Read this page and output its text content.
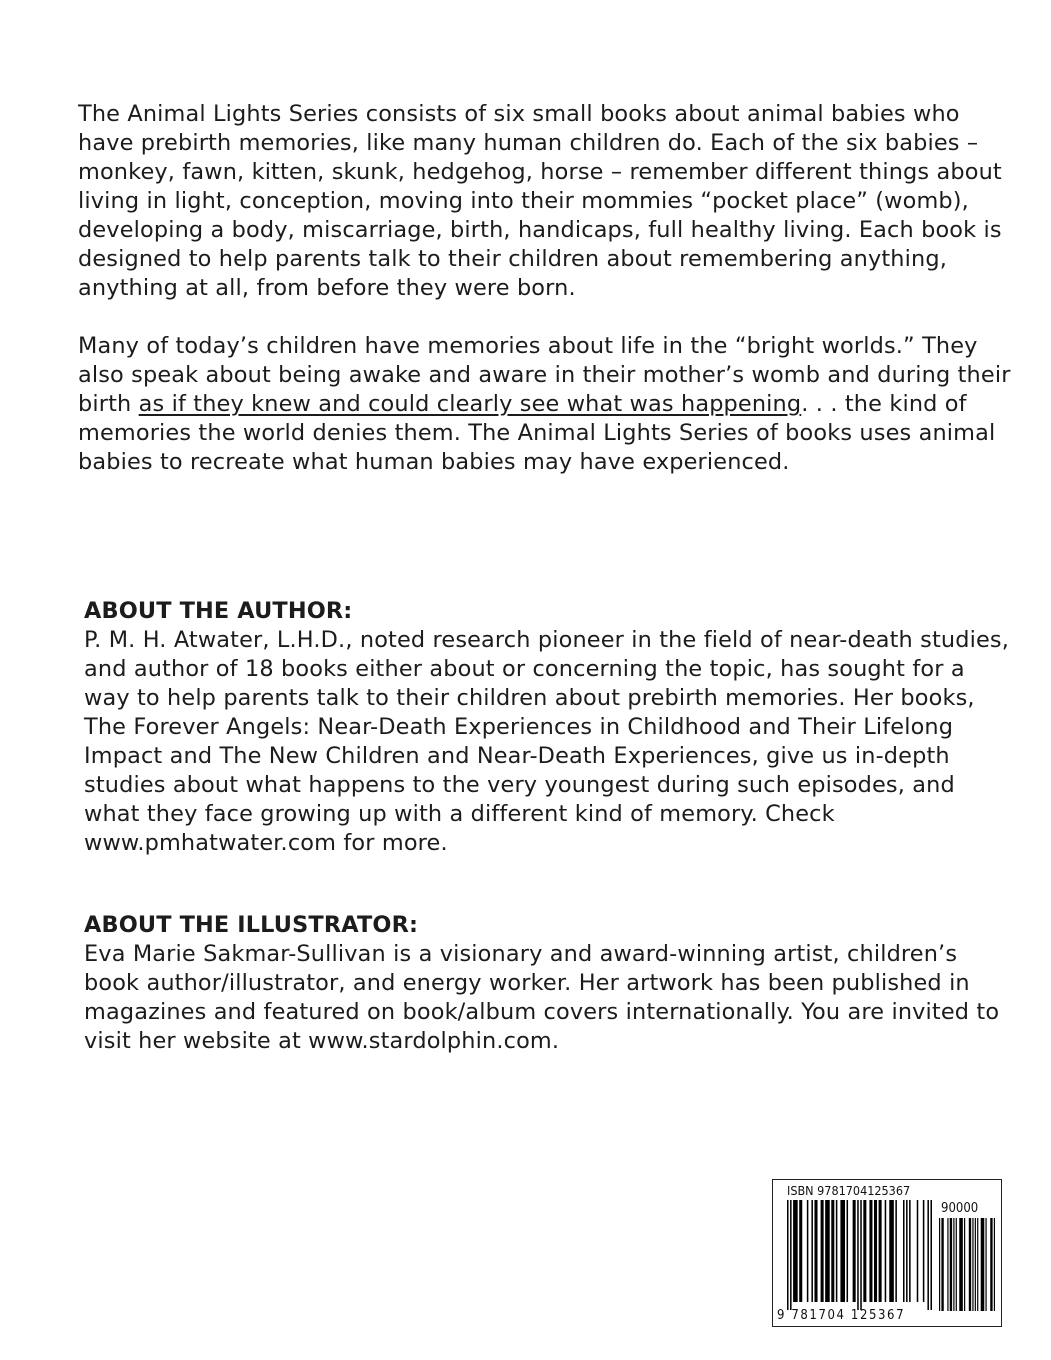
The Animal Lights Series consists of six small books about animal babies who have prebirth memories, like many human children do. Each of the six babies – monkey, fawn, kitten, skunk, hedgehog, horse – remember different things about living in light, conception, moving into their mommies “pocket place” (womb), developing a body, miscarriage, birth, handicaps, full healthy living. Each book is designed to help parents talk to their children about remembering anything, anything at all, from before they were born.

Many of today’s children have memories about life in the “bright worlds.” They also speak about being awake and aware in their mother’s womb and during their birth as if they knew and could clearly see what was happening. . . the kind of memories the world denies them. The Animal Lights Series of books uses animal babies to recreate what human babies may have experienced.

ABOUT THE AUTHOR:

P. M. H. Atwater, L.H.D., noted research pioneer in the field of near-death studies, and author of 18 books either about or concerning the topic, has sought for a way to help parents talk to their children about prebirth memories. Her books, The Forever Angels: Near-Death Experiences in Childhood and Their Lifelong Impact and The New Children and Near-Death Experiences, give us in-depth studies about what happens to the very youngest during such episodes, and what they face growing up with a different kind of memory. Check www.pmhatwater.com for more.

ABOUT THE ILLUSTRATOR:

Eva Marie Sakmar-Sullivan is a visionary and award-winning artist, children’s book author/illustrator, and energy worker. Her artwork has been published in magazines and featured on book/album covers internationally. You are invited to visit her website at www.stardolphin.com.

ISBN 9781704125367
90000
9 781704 125367
